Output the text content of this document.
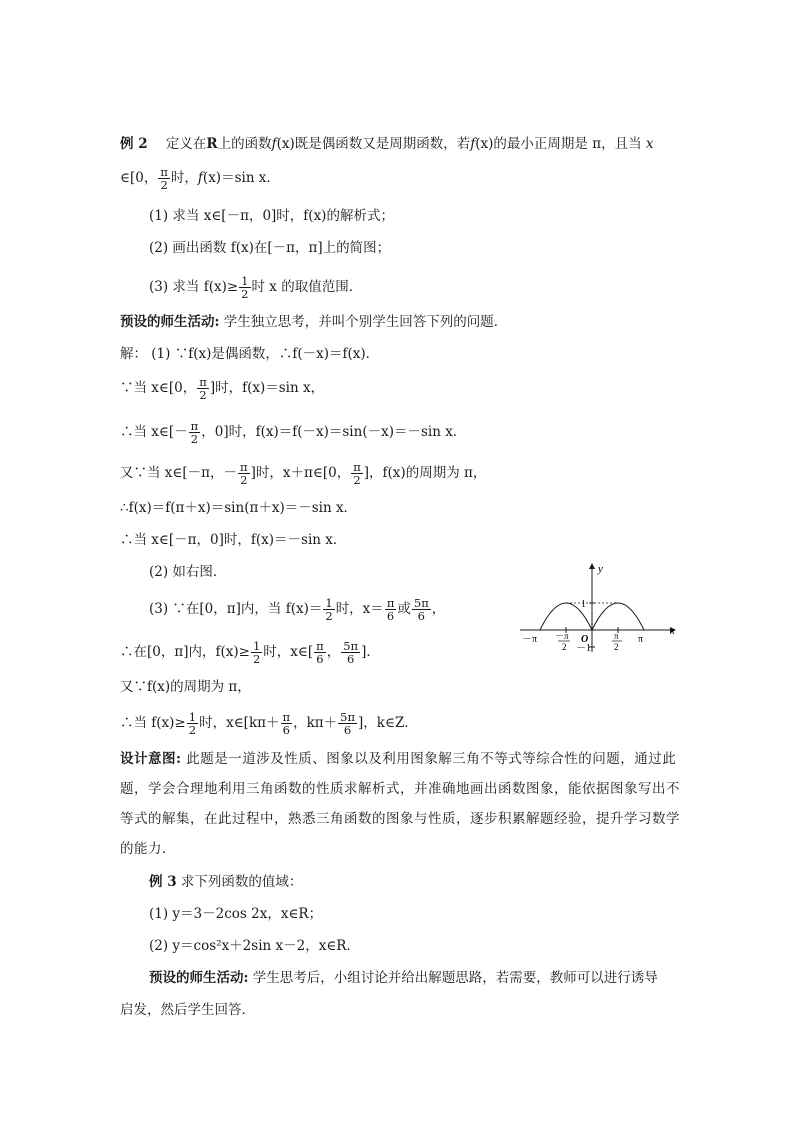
例 2 定义在R上的函数f(x)既是偶函数又是周期函数，若f(x)的最小正周期是 π，且当 x
∈[0， $\frac{\pi}{2}$ 时，f(x)＝sin x．
(1) 求当 x∈[－π，0]时，f(x)的解析式；
(2) 画出函数 f(x)在[－π，π]上的简图；
(3) 求当 $f(x)\ge \frac{1}{2}$ 时 x 的取值范围．
预设的师生活动: 学生独立思考，并叫个别学生回答下列的问题．
解： (1) ∵f(x)是偶函数，∴f(－x)＝f(x)．
∵当 x∈[0， $\frac{\pi}{2}$ ]时，f(x)＝sin x，
∴当 x∈[－ $\frac{\pi}{2}$ ，0]时，f(x)＝f(－x)＝sin(－x)＝－sin x．
又∵当 x∈[－π，－ $\frac{\pi}{2}$ ]时，x＋π∈[0， $\frac{\pi}{2}$ ]，f(x)的周期为 π，
∴f(x)＝f(π＋x)＝sin(π＋x)＝－sin x．
∴当 x∈[－π，0]时，f(x)＝－sin x．
(2) 如右图．
(3) ∵在[0，π]内，当 $f(x)= \frac{1}{2}$ 时，$x= \frac{\pi}{6}$ 或 $\frac{5\pi}{6}$ ，
∴在[0，π]内，$f(x)\ge \frac{1}{2}$ 时，x∈[ $\frac{\pi}{6}$ ， $\frac{5\pi}{6}$ ]．
又∵f(x)的周期为 π，
∴当 $f(x)\ge \frac{1}{2}$ 时，x∈[kπ＋ $\frac{\pi}{6}$ ，$k\pi+ \frac{5\pi}{6}$ ]，k∈Z．
y
x
1
－1
O
－π	π
－π
2
π
2
设计意图: 此题是一道涉及性质、图象以及利用图象解三角不等式等综合性的问题，通过此题，学会合理地利用三角函数的性质求解析式，并准确地画出函数图象，能依据图象写出不等式的解集，在此过程中，熟悉三角函数的图象与性质，逐步积累解题经验，提升学习数学的能力．
例 3 求下列函数的值域：
(1) y＝3－2cos 2x，x∈R；
(2) y＝cos²x＋2sin x－2，x∈R．
预设的师生活动: 学生思考后，小组讨论并给出解题思路，若需要，教师可以进行诱导
启发，然后学生回答．
